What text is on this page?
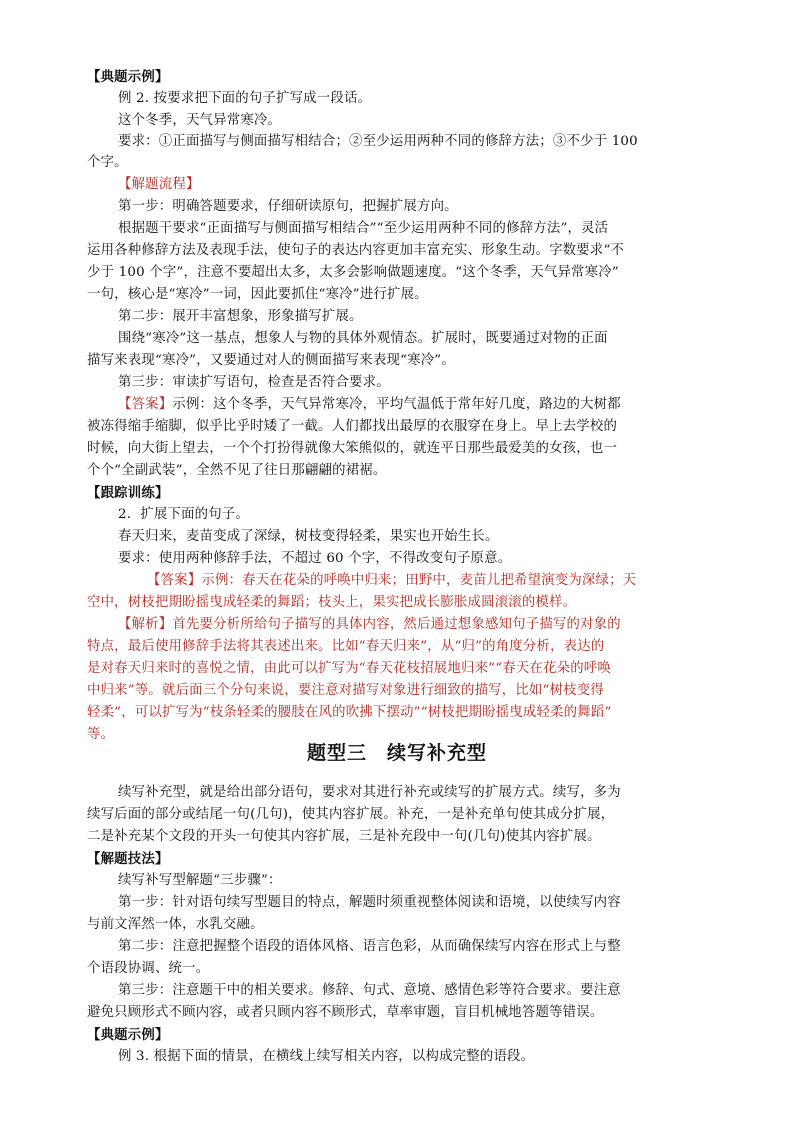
【典题示例】
例 2. 按要求把下面的句子扩写成一段话。
这个冬季，天气异常寒冷。
要求：①正面描写与侧面描写相结合；②至少运用两种不同的修辞方法；③不少于 100
个字。
【解题流程】
第一步：明确答题要求，仔细研读原句，把握扩展方向。
根据题干要求“正面描写与侧面描写相结合”“至少运用两种不同的修辞方法”，灵活
运用各种修辞方法及表现手法，使句子的表达内容更加丰富充实、形象生动。字数要求“不
少于 100 个字”，注意不要超出太多，太多会影响做题速度。“这个冬季，天气异常寒冷”
一句，核心是“寒冷”一词，因此要抓住“寒冷”进行扩展。
第二步：展开丰富想象，形象描写扩展。
围绕“寒冷”这一基点，想象人与物的具体外观情态。扩展时，既要通过对物的正面
描写来表现“寒冷”，又要通过对人的侧面描写来表现“寒冷”。
第三步：审读扩写语句，检查是否符合要求。
【答案】示例：这个冬季，天气异常寒冷，平均气温低于常年好几度，路边的大树都
被冻得缩手缩脚，似乎比乎时矮了一截。人们都找出最厚的衣服穿在身上。早上去学校的
时候，向大街上望去，一个个打扮得就像大笨熊似的，就连平日那些最爱美的女孩，也一
个个“全副武装”，全然不见了往日那翩翩的裙裾。
【跟踪训练】
2．扩展下面的句子。
春天归来，麦苗变成了深绿，树枝变得轻柔，果实也开始生长。
要求：使用两种修辞手法，不超过 60 个字，不得改变句子原意。
【答案】示例：春天在花朵的呼唤中归来；田野中，麦苗儿把希望演变为深绿；天
空中，树枝把期盼摇曳成轻柔的舞蹈；枝头上，果实把成长膨胀成圆滚滚的模样。
【解析】首先要分析所给句子描写的具体内容，然后通过想象感知句子描写的对象的
特点，最后使用修辞手法将其表述出来。比如“春天归来”，从“归”的角度分析，表达的
是对春天归来时的喜悦之情，由此可以扩写为“春天花枝招展地归来”“春天在花朵的呼唤
中归来”等。就后面三个分句来说，要注意对描写对象进行细致的描写，比如“树枝变得
轻柔”，可以扩写为“枝条轻柔的腰肢在风的吹拂下摆动”“树枝把期盼摇曳成轻柔的舞蹈”
等。
题型三　续写补充型
续写补充型，就是给出部分语句，要求对其进行补充或续写的扩展方式。续写，多为
续写后面的部分或结尾一句(几句)，使其内容扩展。补充，一是补充单句使其成分扩展，
二是补充某个文段的开头一句使其内容扩展，三是补充段中一句(几句)使其内容扩展。
【解题技法】
续写补写型解题“三步骤”：
第一步：针对语句续写型题目的特点，解题时须重视整体阅读和语境，以使续写内容
与前文浑然一体，水乳交融。
第二步：注意把握整个语段的语体风格、语言色彩，从而确保续写内容在形式上与整
个语段协调、统一。
第三步：注意题干中的相关要求。修辞、句式、意境、感情色彩等符合要求。要注意
避免只顾形式不顾内容，或者只顾内容不顾形式，草率审题，盲目机械地答题等错误。
【典题示例】
例 3. 根据下面的情景，在横线上续写相关内容，以构成完整的语段。
